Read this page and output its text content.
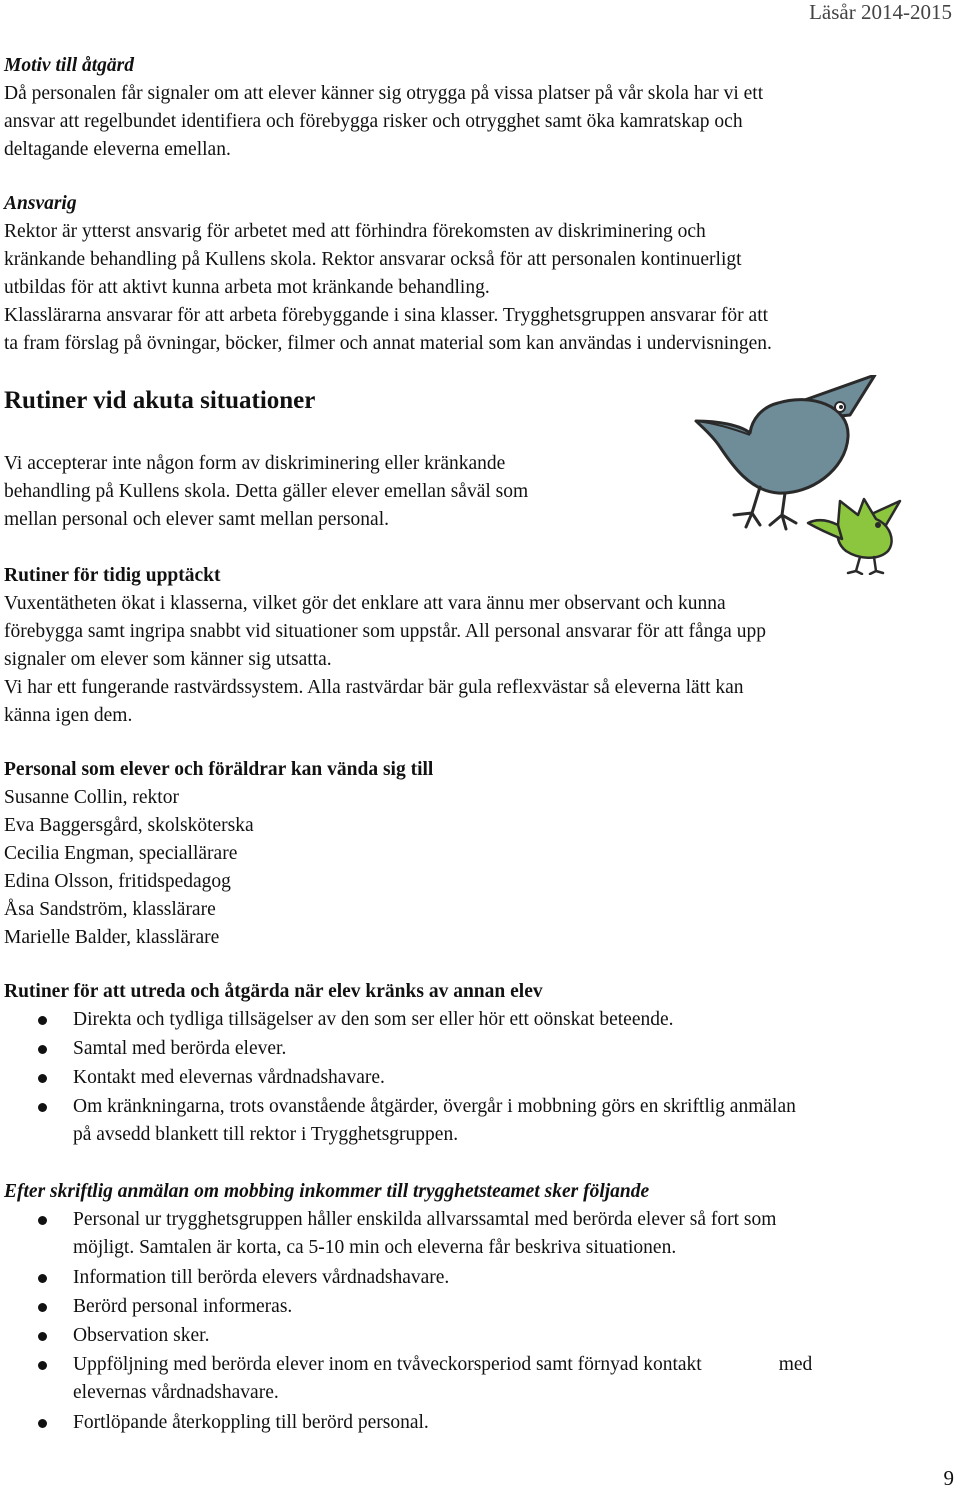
Läsår 2014-2015
Motiv till åtgärd
Då personalen får signaler om att elever känner sig otrygga på vissa platser på vår skola har vi ett
ansvar att regelbundet identifiera och förebygga risker och otrygghet samt öka kamratskap och
deltagande eleverna emellan.
Ansvarig
Rektor är ytterst ansvarig för arbetet med att förhindra förekomsten av diskriminering och
kränkande behandling på Kullens skola. Rektor ansvarar också för att personalen kontinuerligt
utbildas för att aktivt kunna arbeta mot kränkande behandling.
Klasslärarna ansvarar för att arbeta förebyggande i sina klasser. Trygghetsgruppen ansvarar för att
ta fram förslag på övningar, böcker, filmer och annat material som kan användas i undervisningen.
Rutiner vid akuta situationer
Vi accepterar inte någon form av diskriminering eller kränkande
behandling på Kullens skola. Detta gäller elever emellan såväl som
mellan personal och elever samt mellan personal.
Rutiner för tidig upptäckt
Vuxentätheten ökat i klasserna, vilket gör det enklare att vara ännu mer observant och kunna
förebygga samt ingripa snabbt vid situationer som uppstår. All personal ansvarar för att fånga upp
signaler om elever som känner sig utsatta.
Vi har ett fungerande rastvärdssystem. Alla rastvärdar bär gula reflexvästar så eleverna lätt kan
känna igen dem.
Personal som elever och föräldrar kan vända sig till
Susanne Collin, rektor
Eva Baggersgård, skolsköterska
Cecilia Engman, speciallärare
Edina Olsson, fritidspedagog
Åsa Sandström, klasslärare
Marielle Balder, klasslärare
Rutiner för att utreda och åtgärda när elev kränks av annan elev
Direkta och tydliga tillsägelser av den som ser eller hör ett oönskat beteende.
Samtal med berörda elever.
Kontakt med elevernas vårdnadshavare.
Om kränkningarna, trots ovanstående åtgärder, övergår i mobbning görs en skriftlig anmälan
på avsedd blankett till rektor i Trygghetsgruppen.
Efter skriftlig anmälan om mobbing inkommer till trygghetsteamet sker följande
Personal ur trygghetsgruppen håller enskilda allvarssamtal med berörda elever så fort som
möjligt. Samtalen är korta, ca 5-10 min och eleverna får beskriva situationen.
Information till berörda elevers vårdnadshavare.
Berörd personal informeras.
Observation sker.
Uppföljning med berörda elever inom en tvåveckorsperiod samt förnyad kontakt	med
elevernas vårdnadshavare.
Fortlöpande återkoppling till berörd personal.
9
